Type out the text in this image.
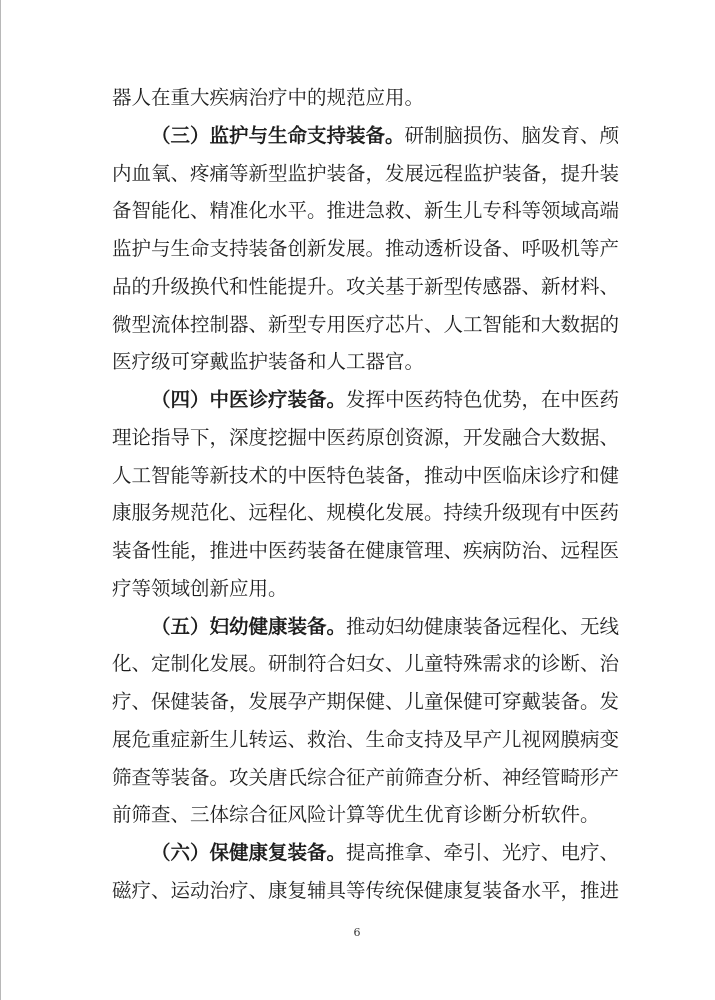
器人在重大疾病治疗中的规范应用。
（三）监护与生命支持装备。研制脑损伤、脑发育、颅
内血氧、疼痛等新型监护装备，发展远程监护装备，提升装
备智能化、精准化水平。推进急救、新生儿专科等领域高端
监护与生命支持装备创新发展。推动透析设备、呼吸机等产
品的升级换代和性能提升。攻关基于新型传感器、新材料、
微型流体控制器、新型专用医疗芯片、人工智能和大数据的
医疗级可穿戴监护装备和人工器官。
（四）中医诊疗装备。发挥中医药特色优势，在中医药
理论指导下，深度挖掘中医药原创资源，开发融合大数据、
人工智能等新技术的中医特色装备，推动中医临床诊疗和健
康服务规范化、远程化、规模化发展。持续升级现有中医药
装备性能，推进中医药装备在健康管理、疾病防治、远程医
疗等领域创新应用。
（五）妇幼健康装备。推动妇幼健康装备远程化、无线
化、定制化发展。研制符合妇女、儿童特殊需求的诊断、治
疗、保健装备，发展孕产期保健、儿童保健可穿戴装备。发
展危重症新生儿转运、救治、生命支持及早产儿视网膜病变
筛查等装备。攻关唐氏综合征产前筛查分析、神经管畸形产
前筛查、三体综合征风险计算等优生优育诊断分析软件。
（六）保健康复装备。提高推拿、牵引、光疗、电疗、
磁疗、运动治疗、康复辅具等传统保健康复装备水平，推进
6
